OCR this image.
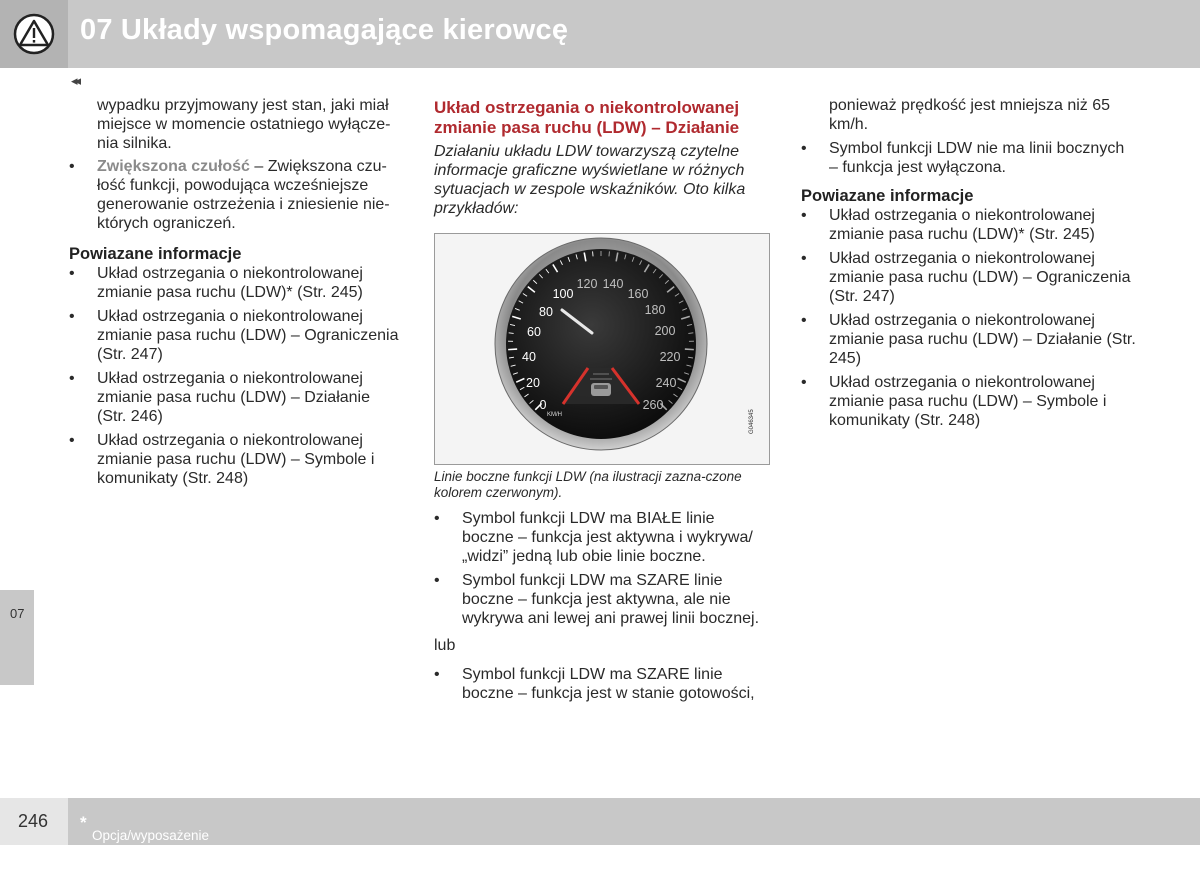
07 Układy wspomagające kierowcę
◂◂
07

wypadku przyjmowany jest stan, jaki miał miejsce w momencie ostatniego wyłącze-nia silnika.

• Zwiększona czułość – Zwiększona czu-łość funkcji, powodująca wcześniejsze generowanie ostrzeżenia i zniesienie nie-których ograniczeń.
Powiazane informacje
• Układ ostrzegania o niekontrolowanej zmianie pasa ruchu (LDW)* (Str. 245)
• Układ ostrzegania o niekontrolowanej zmianie pasa ruchu (LDW) – Ograniczenia (Str. 247)
• Układ ostrzegania o niekontrolowanej zmianie pasa ruchu (LDW) – Działanie (Str. 246)
• Układ ostrzegania o niekontrolowanej zmianie pasa ruchu (LDW) – Symbole i komunikaty (Str. 248)
Układ ostrzegania o niekontrolowanej zmianie pasa ruchu (LDW) – Działanie

Działaniu układu LDW towarzyszą czytelne informacje graficzne wyświetlane w różnych sytuacjach w zespole wskaźników. Oto kilka przykładów:

100
80
60
40
20
0
120 140
160
180
200
220
240
260
KM/H	G046345
Linie boczne funkcji LDW (na ilustracji zazna-czone kolorem czerwonym).
• Symbol funkcji LDW ma BIAŁE linie boczne – funkcja jest aktywna i wykrywa/ „widzi” jedną lub obie linie boczne.
• Symbol funkcji LDW ma SZARE linie boczne – funkcja jest aktywna, ale nie wykrywa ani lewej ani prawej linii bocznej.

lub

• Symbol funkcji LDW ma SZARE linie boczne – funkcja jest w stanie gotowości,

ponieważ prędkość jest mniejsza niż 65 km/h.

• Symbol funkcji LDW nie ma linii bocznych – funkcja jest wyłączona.
Powiazane informacje
• Układ ostrzegania o niekontrolowanej zmianie pasa ruchu (LDW)* (Str. 245)
• Układ ostrzegania o niekontrolowanej zmianie pasa ruchu (LDW) – Ograniczenia (Str. 247)
• Układ ostrzegania o niekontrolowanej zmianie pasa ruchu (LDW) – Działanie (Str. 245)
• Układ ostrzegania o niekontrolowanej zmianie pasa ruchu (LDW) – Symbole i komunikaty (Str. 248)
246 *
Opcja/wyposażenie dodatkowe - dalsze informacje, patrz Wprowadzenie.
